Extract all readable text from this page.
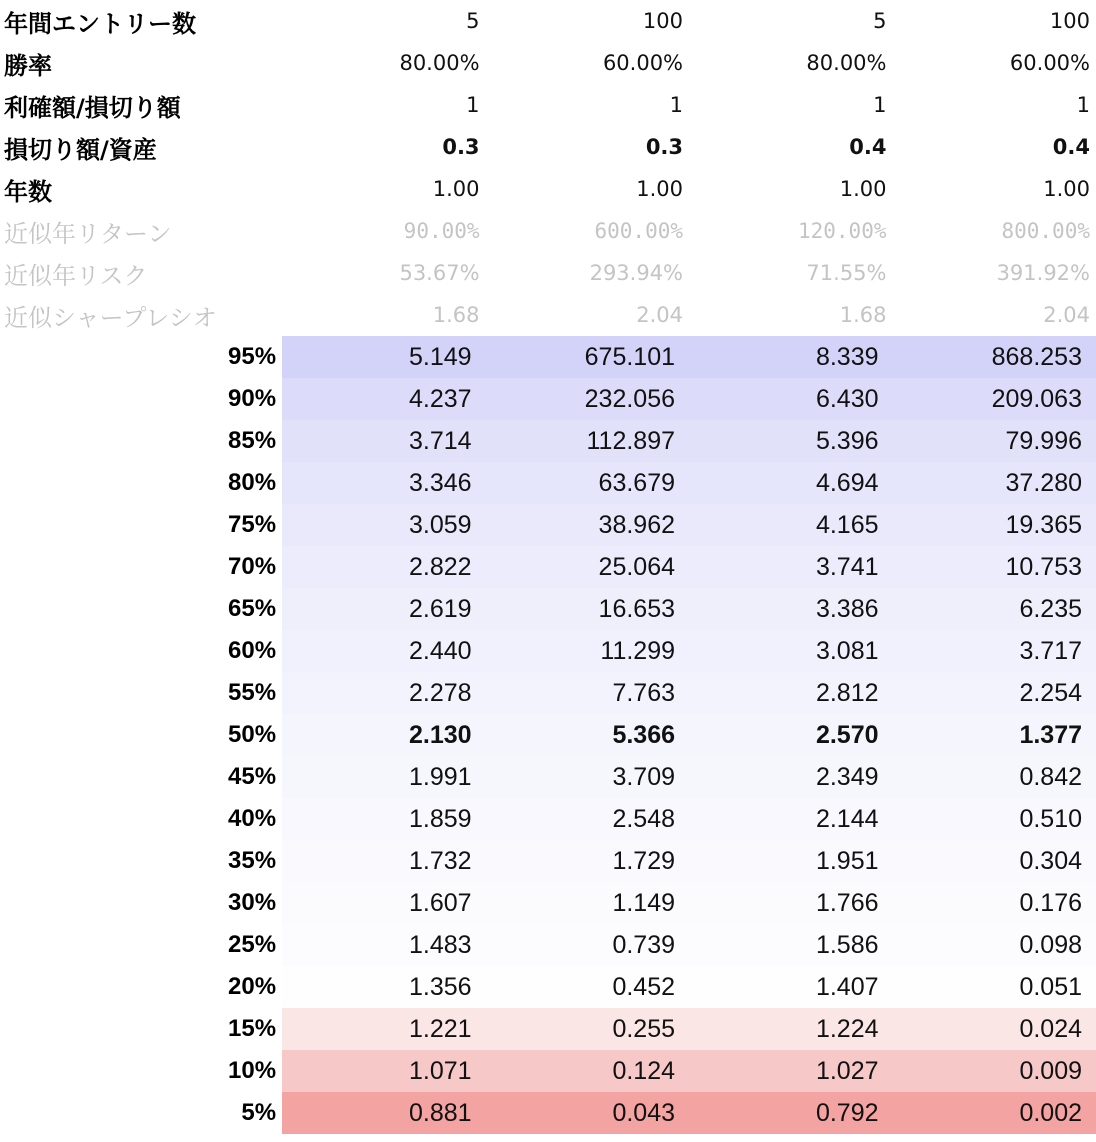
年間エントリー数	5	100	5	100
勝率	80.00%	60.00%	80.00%	60.00%
利確額/損切り額	1	1	1	1
損切り額/資産	0.3	0.3	0.4	0.4
年数	1.00	1.00	1.00	1.00
近似年リターン	90.00%	600.00%	120.00%	800.00%
近似年リスク	53.67%	293.94%	71.55%	391.92%
近似シャープレシオ	1.68	2.04	1.68	2.04
95%	5.149	675.101	8.339	868.253
90%	4.237	232.056	6.430	209.063
85%	3.714	112.897	5.396	79.996
80%	3.346	63.679	4.694	37.280
75%	3.059	38.962	4.165	19.365
70%	2.822	25.064	3.741	10.753
65%	2.619	16.653	3.386	6.235
60%	2.440	11.299	3.081	3.717
55%	2.278	7.763	2.812	2.254
50%	2.130	5.366	2.570	1.377
45%	1.991	3.709	2.349	0.842
40%	1.859	2.548	2.144	0.510
35%	1.732	1.729	1.951	0.304
30%	1.607	1.149	1.766	0.176
25%	1.483	0.739	1.586	0.098
20%	1.356	0.452	1.407	0.051
15%	1.221	0.255	1.224	0.024
10%	1.071	0.124	1.027	0.009
5%	0.881	0.043	0.792	0.002
